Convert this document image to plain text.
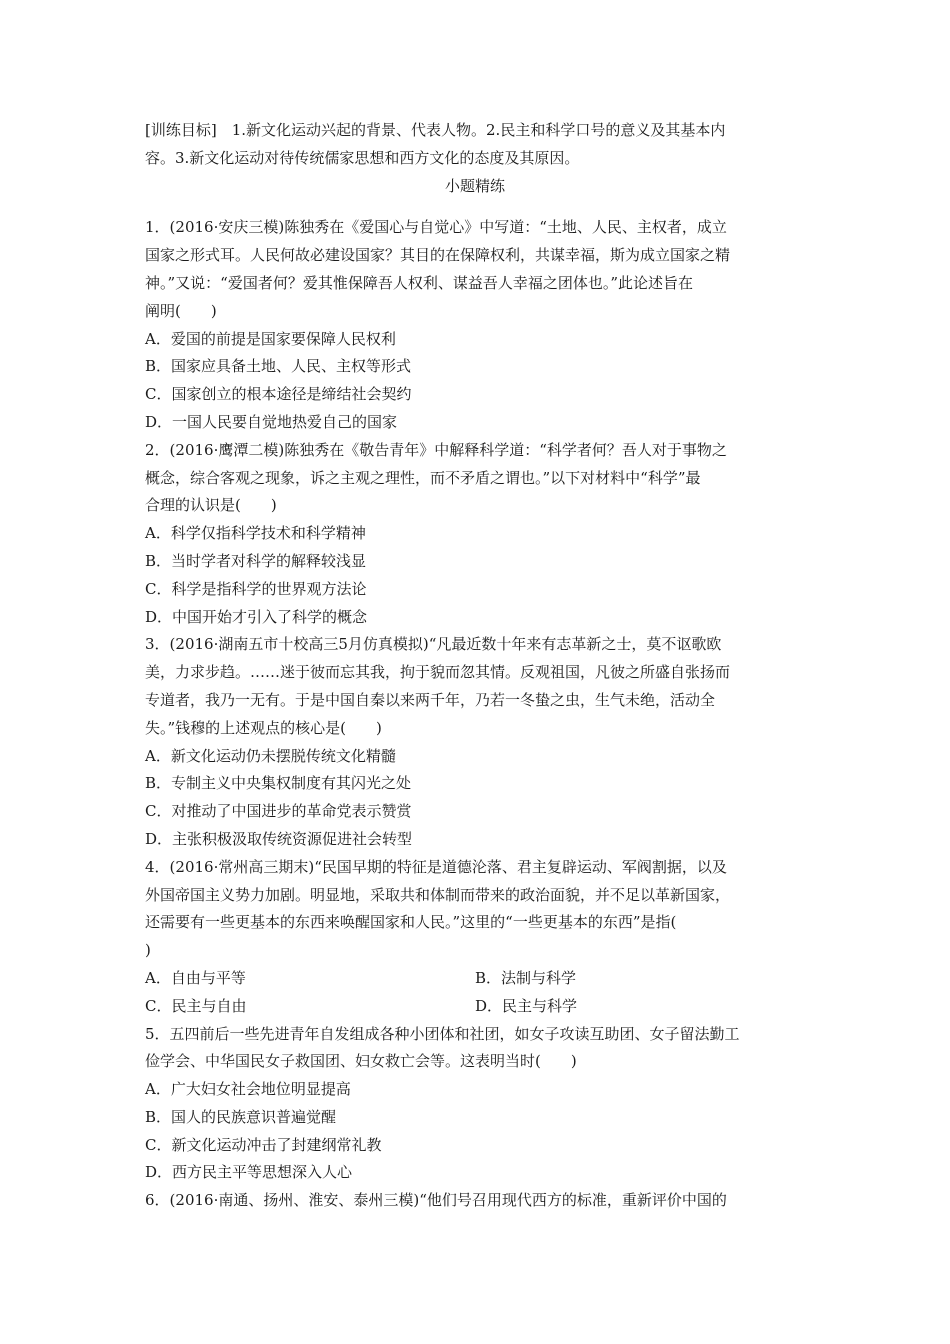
[训练目标]　1.新文化运动兴起的背景、代表人物。2.民主和科学口号的意义及其基本内
容。3.新文化运动对待传统儒家思想和西方文化的态度及其原因。
小题精练
1．(2016·安庆三模)陈独秀在《爱国心与自觉心》中写道：“土地、人民、主权者，成立
国家之形式耳。人民何故必建设国家？其目的在保障权利，共谋幸福，斯为成立国家之精
神。”又说：“爱国者何？爱其惟保障吾人权利、谋益吾人幸福之团体也。”此论述旨在
阐明(　　)
A．爱国的前提是国家要保障人民权利
B．国家应具备土地、人民、主权等形式
C．国家创立的根本途径是缔结社会契约
D．一国人民要自觉地热爱自己的国家
2．(2016·鹰潭二模)陈独秀在《敬告青年》中解释科学道：“科学者何？吾人对于事物之
概念，综合客观之现象，诉之主观之理性，而不矛盾之谓也。”以下对材料中“科学”最
合理的认识是(　　)
A．科学仅指科学技术和科学精神
B．当时学者对科学的解释较浅显
C．科学是指科学的世界观方法论
D．中国开始才引入了科学的概念
3．(2016·湖南五市十校高三5月仿真模拟)“凡最近数十年来有志革新之士，莫不讴歌欧
美，力求步趋。……迷于彼而忘其我，拘于貌而忽其情。反观祖国，凡彼之所盛自张扬而
专道者，我乃一无有。于是中国自秦以来两千年，乃若一冬蛰之虫，生气未绝，活动全
失。”钱穆的上述观点的核心是(　　)
A．新文化运动仍未摆脱传统文化精髓
B．专制主义中央集权制度有其闪光之处
C．对推动了中国进步的革命党表示赞赏
D．主张积极汲取传统资源促进社会转型
4．(2016·常州高三期末)“民国早期的特征是道德沦落、君主复辟运动、军阀割据，以及
外国帝国主义势力加剧。明显地，采取共和体制而带来的政治面貌，并不足以革新国家，
还需要有一些更基本的东西来唤醒国家和人民。”这里的“一些更基本的东西”是指(
)
A．自由与平等	B．法制与科学
C．民主与自由	D．民主与科学
5．五四前后一些先进青年自发组成各种小团体和社团，如女子攻读互助团、女子留法勤工
俭学会、中华国民女子救国团、妇女救亡会等。这表明当时(　　)
A．广大妇女社会地位明显提高
B．国人的民族意识普遍觉醒
C．新文化运动冲击了封建纲常礼教
D．西方民主平等思想深入人心
6．(2016·南通、扬州、淮安、泰州三模)“他们号召用现代西方的标准，重新评价中国的
